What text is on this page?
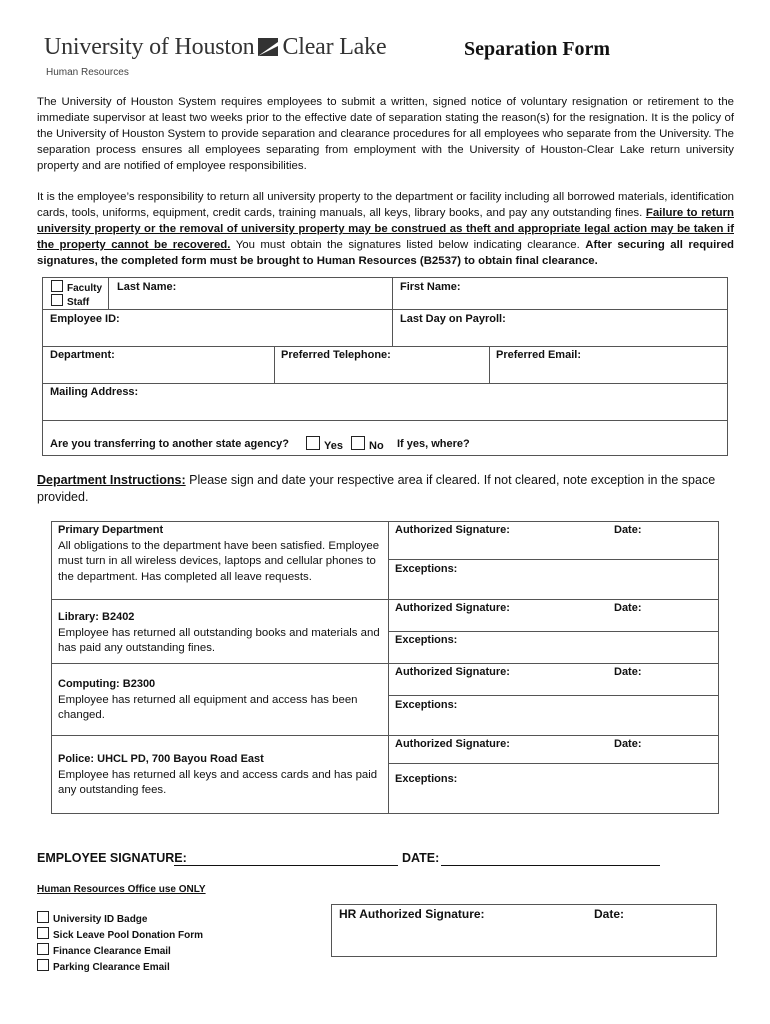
University of Houston Clear Lake
Human Resources
Separation Form

The University of Houston System requires employees to submit a written, signed notice of voluntary resignation or retirement to the immediate supervisor at least two weeks prior to the effective date of separation stating the reason(s) for the resignation. It is the policy of the University of Houston System to provide separation and clearance procedures for all employees who separate from the University. The separation process ensures all employees separating from employment with the University of Houston-Clear Lake return university property and are notified of employee responsibilities.

It is the employee’s responsibility to return all university property to the department or facility including all borrowed materials, identification cards, tools, uniforms, equipment, credit cards, training manuals, all keys, library books, and pay any outstanding fines. Failure to return university property or the removal of university property may be construed as theft and appropriate legal action may be taken if the property cannot be recovered. You must obtain the signatures listed below indicating clearance. After securing all required signatures, the completed form must be brought to Human Resources (B2537) to obtain final clearance.

Faculty
Staff
Last Name:	First Name:
Employee ID:	Last Day on Payroll:
Department:	Preferred Telephone:	Preferred Email:
Mailing Address:
Are you transferring to another state agency?	Yes	No If yes, where?
Department Instructions: Please sign and date your respective area if cleared. If not cleared, note exception in the space provided.
Primary Department
All obligations to the department have been satisfied. Employee must turn in all wireless devices, laptops and cellular phones to the department. Has completed all leave requests.
Authorized Signature:	Date:
Exceptions:
Library: B2402
Employee has returned all outstanding books and materials and has paid any outstanding fines.
Authorized Signature:	Date:
Exceptions:
Computing: B2300
Employee has returned all equipment and access has been changed.
Authorized Signature:	Date:
Exceptions:
Police: UHCL PD, 700 Bayou Road East
Employee has returned all keys and access cards and has paid any outstanding fees.
Authorized Signature:	Date:
Exceptions:
EMPLOYEE SIGNATURE:	DATE:
Human Resources Office use ONLY
University ID Badge
Sick Leave Pool Donation Form
Finance Clearance Email
Parking Clearance Email
HR Authorized Signature:	Date:
